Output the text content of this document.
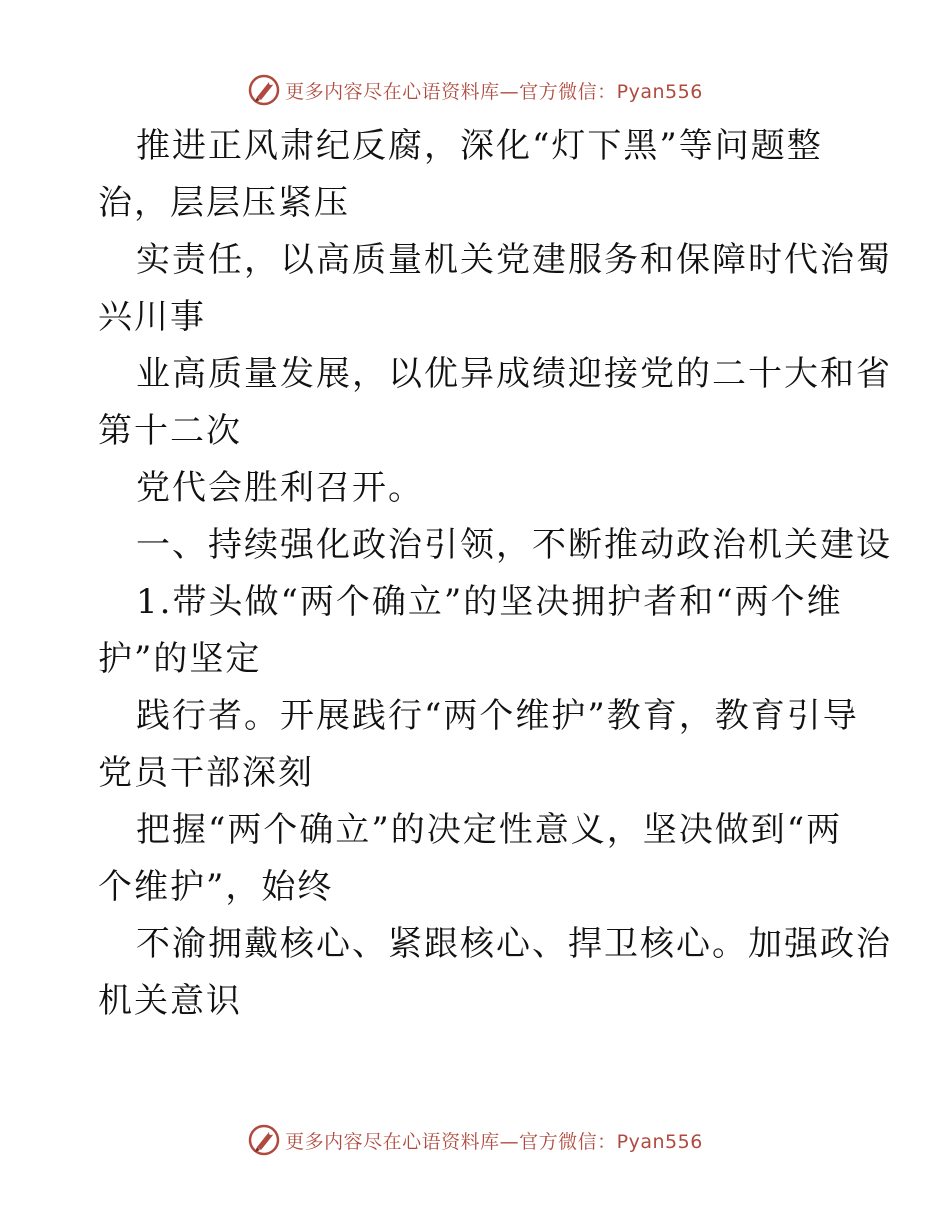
更多内容尽在心语资料库—官方微信：Pyan556

推进正风肃纪反腐，深化“灯下黑”等问题整

治，层层压紧压

实责任，以高质量机关党建服务和保障时代治蜀

兴川事

业高质量发展，以优异成绩迎接党的二十大和省

第十二次

党代会胜利召开。

一、持续强化政治引领，不断推动政治机关建设

1.带头做“两个确立”的坚决拥护者和“两个维

护”的坚定

践行者。开展践行“两个维护”教育，教育引导

党员干部深刻

把握“两个确立”的决定性意义，坚决做到“两

个维护”，始终

不渝拥戴核心、紧跟核心、捍卫核心。加强政治

机关意识

更多内容尽在心语资料库—官方微信：Pyan556
